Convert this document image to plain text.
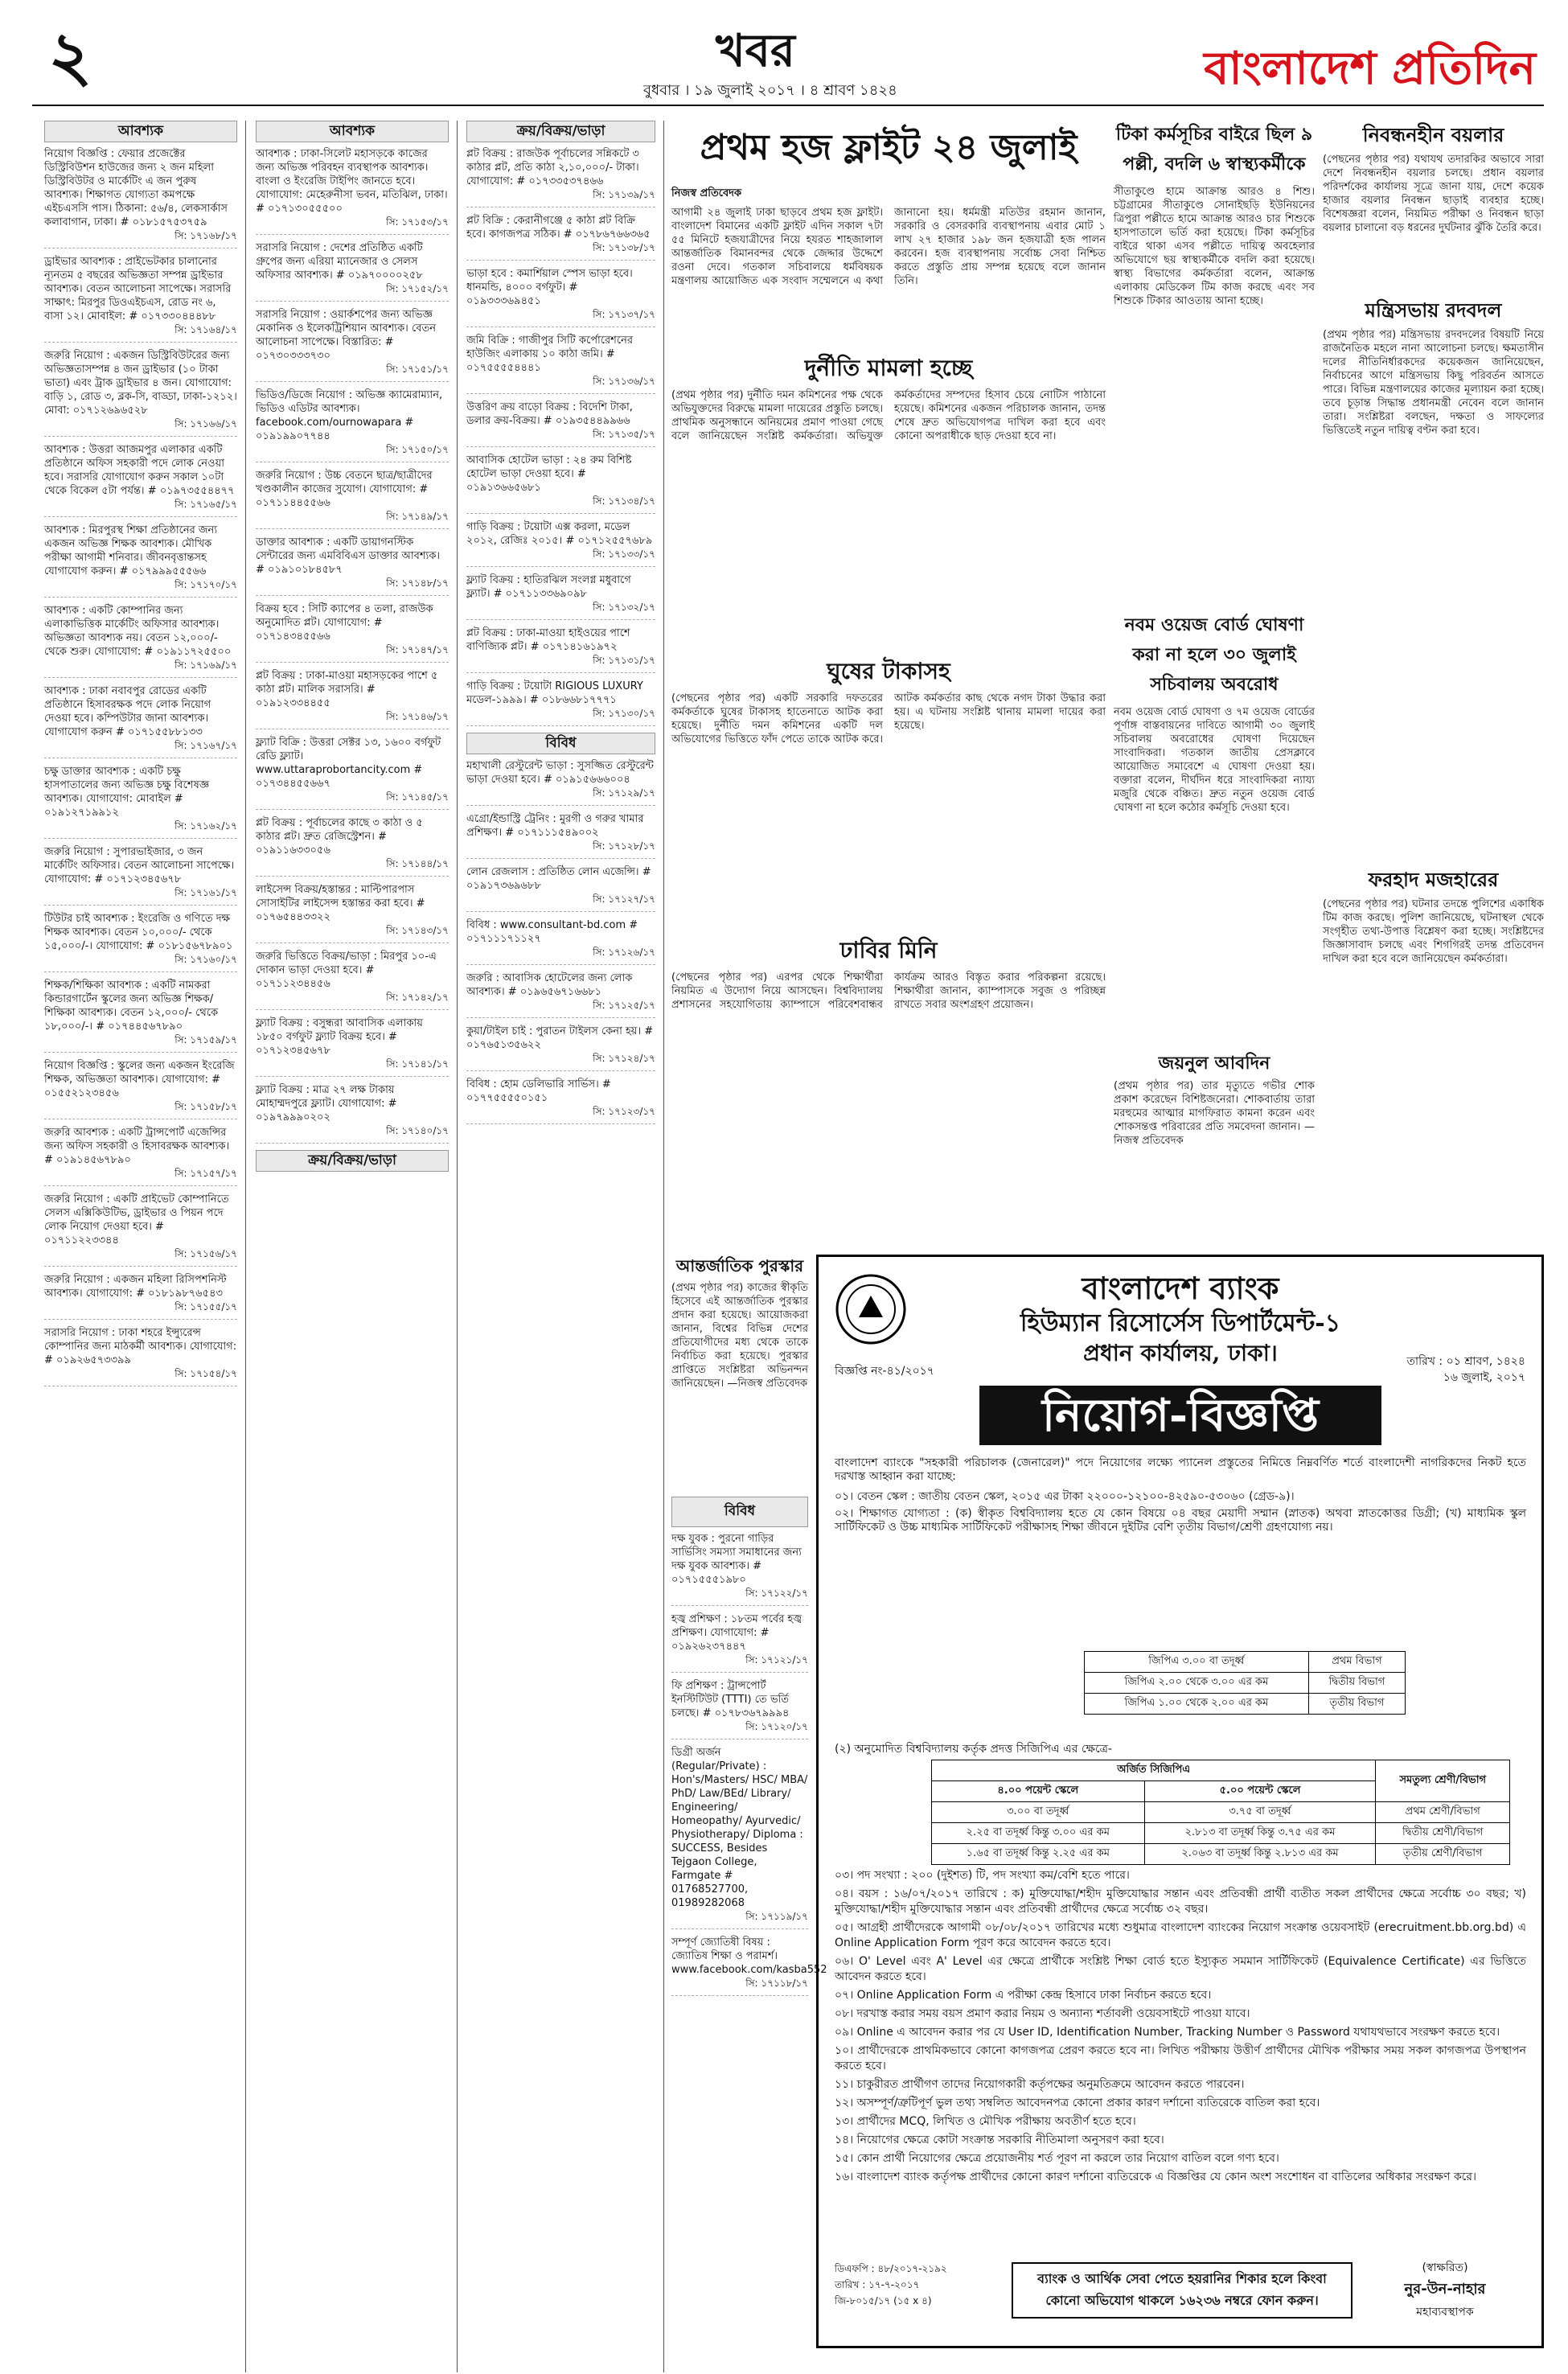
২	খবর
বুধবার । ১৯ জুলাই ২০১৭ । ৪ শ্রাবণ ১৪২৪	বাংলাদেশ প্রতিদিন
আবশ্যক
নিয়োগ বিজ্ঞপ্তি : ফেয়ার প্রজেক্টের ডিস্ট্রিবিউশন হাউজের জন্য ২ জন মহিলা ডিস্ট্রিবিউটর ও মার্কেটিং এ জন পুরুষ আবশ্যক। শিক্ষাগত যোগ্যতা কমপক্ষে এইচএসসি পাস। ঠিকানা: ৫৬/৪, লেকসার্কাস কলাবাগান, ঢাকা। # ০১৮১৫৭৫৩৭৫৯
সি: ১৭১৬৮/১৭
ড্রাইভার আবশ্যক : প্রাইভেটকার চালানোর ন্যূনতম ৫ বছরের অভিজ্ঞতা সম্পন্ন ড্রাইভার আবশ্যক। বেতন আলোচনা সাপেক্ষে। সরাসরি সাক্ষাৎ: মিরপুর ডিওএইচএস, রোড নং ৬, বাসা ১২। মোবাইল: # ০১৭৩৩০৪৪৪৮৮
সি: ১৭১৬৪/১৭
জরুরি নিয়োগ : একজন ডিস্ট্রিবিউটরের জন্য অভিজ্ঞতাসম্পন্ন ৪ জন ড্রাইভার (১০ টাকা ভাতা) এবং ট্রাক ড্রাইভার ৪ জন। যোগাযোগ: বাড়ি ১, রোড ৩, ব্লক-সি, বাড্ডা, ঢাকা-১২১২। মোবা: ০১৭১২৬৯৬৫২৮
সি: ১৭১৬৬/১৭
আবশ্যক : উত্তরা আজমপুর এলাকার একটি প্রতিষ্ঠানে অফিস সহকারী পদে লোক নেওয়া হবে। সরাসরি যোগাযোগ করুন সকাল ১০টা থেকে বিকেল ৫টা পর্যন্ত। # ০১৯৭৩৫৫৪৪৭৭
সি: ১৭১৬৫/১৭
আবশ্যক : মিরপুরস্থ শিক্ষা প্রতিষ্ঠানের জন্য একজন অভিজ্ঞ শিক্ষক আবশ্যক। মৌখিক পরীক্ষা আগামী শনিবার। জীবনবৃত্তান্তসহ যোগাযোগ করুন। # ০১৭৯৯৯৫৫৫৬৬
সি: ১৭১৭০/১৭
আবশ্যক : একটি কোম্পানির জন্য এলাকাভিত্তিক মার্কেটিং অফিসার আবশ্যক। অভিজ্ঞতা আবশ্যক নয়। বেতন ১২,০০০/- থেকে শুরু। যোগাযোগ: # ০১৯১১৭২৫৫০০
সি: ১৭১৬৯/১৭
আবশ্যক : ঢাকা নবাবপুর রোডের একটি প্রতিষ্ঠানে হিসাবরক্ষক পদে লোক নিয়োগ দেওয়া হবে। কম্পিউটার জানা আবশ্যক। যোগাযোগ করুন # ০১৭১৫৫৮৮১৩৩
সি: ১৭১৬৭/১৭
চক্ষু ডাক্তার আবশ্যক : একটি চক্ষু হাসপাতালের জন্য অভিজ্ঞ চক্ষু বিশেষজ্ঞ আবশ্যক। যোগাযোগ: মোবাইল # ০১৯১২৭১৯৯১২
সি: ১৭১৬২/১৭
জরুরি নিয়োগ : সুপারভাইজার, ৩ জন মার্কেটিং অফিসার। বেতন আলোচনা সাপেক্ষে। যোগাযোগ: # ০১৭১২৩৪৫৬৭৮
সি: ১৭১৬১/১৭
টিউটর চাই আবশ্যক : ইংরেজি ও গণিতে দক্ষ শিক্ষক আবশ্যক। বেতন ১০,০০০/- থেকে ১৫,০০০/-। যোগাযোগ: # ০১৮১৫৬৭৮৯০১
সি: ১৭১৬০/১৭
শিক্ষক/শিক্ষিকা আবশ্যক : একটি নামকরা কিন্ডারগার্টেন স্কুলের জন্য অভিজ্ঞ শিক্ষক/শিক্ষিকা আবশ্যক। বেতন ১২,০০০/- থেকে ১৮,০০০/-। # ০১৭৪৪৫৬৭৮৯০
সি: ১৭১৫৯/১৭
নিয়োগ বিজ্ঞপ্তি : স্কুলের জন্য একজন ইংরেজি শিক্ষক, অভিজ্ঞতা আবশ্যক। যোগাযোগ: # ০১৫৫২১২৩৪৫৬
সি: ১৭১৫৮/১৭
জরুরি আবশ্যক : একটি ট্রান্সপোর্ট এজেন্সির জন্য অফিস সহকারী ও হিসাবরক্ষক আবশ্যক। # ০১৯১৪৫৬৭৮৯০
সি: ১৭১৫৭/১৭
জরুরি নিয়োগ : একটি প্রাইভেট কোম্পানিতে সেলস এক্সিকিউটিভ, ড্রাইভার ও পিয়ন পদে লোক নিয়োগ দেওয়া হবে। # ০১৭১১২২৩৩৪৪
সি: ১৭১৫৬/১৭
জরুরি নিয়োগ : একজন মহিলা রিসিপশনিস্ট আবশ্যক। যোগাযোগ: # ০১৮১৯৮৭৬৫৪৩
সি: ১৭১৫৫/১৭
সরাসরি নিয়োগ : ঢাকা শহরে ইন্স্যুরেন্স কোম্পানির জন্য মাঠকর্মী আবশ্যক। যোগাযোগ: # ০১৯২৬৫৭৩৩৯৯
সি: ১৭১৫৪/১৭
আবশ্যক
আবশ্যক : ঢাকা-সিলেট মহাসড়কে কাজের জন্য অভিজ্ঞ পরিবহন ব্যবস্থাপক আবশ্যক। বাংলা ও ইংরেজি টাইপিং জানতে হবে। যোগাযোগ: মেহেরুনীসা ভবন, মতিঝিল, ঢাকা। # ০১৭১৩০৫৫৫০০
সি: ১৭১৫৩/১৭
সরাসরি নিয়োগ : দেশের প্রতিষ্ঠিত একটি গ্রুপের জন্য এরিয়া ম্যানেজার ও সেলস অফিসার আবশ্যক। # ০১৯৭০০০০২৫৮
সি: ১৭১৫২/১৭
সরাসরি নিয়োগ : ওয়ার্কশপের জন্য অভিজ্ঞ মেকানিক ও ইলেকট্রিশিয়ান আবশ্যক। বেতন আলোচনা সাপেক্ষে। বিস্তারিত: # ০১৭৩০৩৩৩৭৩০
সি: ১৭১৫১/১৭
ভিডিও/ডিজে নিয়োগ : অভিজ্ঞ ক্যামেরাম্যান, ভিডিও এডিটর আবশ্যক। facebook.com/ournowapara # ০১৯১৯৯০৭৭৪৪
সি: ১৭১৫০/১৭
জরুরি নিয়োগ : উচ্চ বেতনে ছাত্র/ছাত্রীদের খণ্ডকালীন কাজের সুযোগ। যোগাযোগ: # ০১৭১১৪৪৫৫৬৬
সি: ১৭১৪৯/১৭
ডাক্তার আবশ্যক : একটি ডায়াগনস্টিক সেন্টারের জন্য এমবিবিএস ডাক্তার আবশ্যক। # ০১৯১০১৮৪৫৮৭
সি: ১৭১৪৮/১৭
বিক্রয় হবে : সিটি ক্যাপের ৪ তলা, রাজউক অনুমোদিত প্লট। যোগাযোগ: # ০১৭১৪৩৪৫৫৬৬
সি: ১৭১৪৭/১৭
প্লট বিক্রয় : ঢাকা-মাওয়া মহাসড়কের পাশে ৫ কাঠা প্লট। মালিক সরাসরি। # ০১৯১২৩৩৪৪৫৫
সি: ১৭১৪৬/১৭
ফ্ল্যাট বিক্রি : উত্তরা সেক্টর ১৩, ১৬০০ বর্গফুট রেডি ফ্ল্যাট। www.uttaraprobortancity.com # ০১৭৩৪৪৫৫৬৬৭
সি: ১৭১৪৫/১৭
প্লট বিক্রয় : পূর্বাচলের কাছে ৩ কাঠা ও ৫ কাঠার প্লট। দ্রুত রেজিস্ট্রেশন। # ০১৯১১৬৩৩০৫৬
সি: ১৭১৪৪/১৭
লাইসেন্স বিক্রয়/হস্তান্তর : মাল্টিপারপাস সোসাইটির লাইসেন্স হস্তান্তর করা হবে। # ০১৭৬৫৪৪৩৩২২
সি: ১৭১৪৩/১৭
জরুরি ভিত্তিতে বিক্রয়/ভাড়া : মিরপুর ১০-এ দোকান ভাড়া দেওয়া হবে। # ০১৭১১২৩৪৪৫৬
সি: ১৭১৪২/১৭
ফ্ল্যাট বিক্রয় : বসুন্ধরা আবাসিক এলাকায় ১৮৫০ বর্গফুট ফ্ল্যাট বিক্রয় হবে। # ০১৭১২৩৪৫৬৭৮
সি: ১৭১৪১/১৭
ফ্ল্যাট বিক্রয় : মাত্র ২৭ লক্ষ টাকায় মোহাম্মদপুরে ফ্ল্যাট। যোগাযোগ: # ০১৯৭৯৯৯০২০২
সি: ১৭১৪০/১৭
ক্রয়/বিক্রয়/ভাড়া
ক্রয়/বিক্রয়/ভাড়া
প্লট বিক্রয় : রাজউক পূর্বাচলের সন্নিকটে ৩ কাঠার প্লট, প্রতি কাঠা ২,১০,০০০/- টাকা। যোগাযোগ: # ০১৭৩৩৫৩৭৪৬৬
সি: ১৭১৩৯/১৭
প্লট বিক্রি : কেরানীগঞ্জে ৫ কাঠা প্লট বিক্রি হবে। কাগজপত্র সঠিক। # ০১৭৮৬৭৬৬৩৬৫
সি: ১৭১৩৮/১৭
ভাড়া হবে : কমার্শিয়াল স্পেস ভাড়া হবে। ধানমন্ডি, ৪০০০ বর্গফুট। # ০১৯৩৩৩৬৯৪৫১
সি: ১৭১৩৭/১৭
জমি বিক্রি : গাজীপুর সিটি কর্পোরেশনের হাউজিং এলাকায় ১০ কাঠা জমি। # ০১৭৫৫৫৫৪৪৪১
সি: ১৭১৩৬/১৭
উত্তরিণ ক্রয় বাড়ো বিক্রয় : বিদেশি টাকা, ডলার ক্রয়-বিক্রয়। # ০১৯৩৫৪৪৯৯৬৬
সি: ১৭১৩৫/১৭
আবাসিক হোটেল ভাড়া : ২৪ রুম বিশিষ্ট হোটেল ভাড়া দেওয়া হবে। # ০১৯১৩৬৬৫৬৮১
সি: ১৭১৩৪/১৭
গাড়ি বিক্রয় : টয়োটা এক্স করলা, মডেল ২০১২, রেজিঃ ২০১৫। # ০১৭১২৫৫৭৬৮৯
সি: ১৭১৩৩/১৭
ফ্ল্যাট বিক্রয় : হাতিরঝিল সংলগ্ন মধুবাগে ফ্ল্যাট। # ০১৭১১৩৩৬৯০৯৮
সি: ১৭১৩২/১৭
প্লট বিক্রয় : ঢাকা-মাওয়া হাইওয়ের পাশে বাণিজ্যিক প্লট। # ০১৭১৪১৬১৯৭২
সি: ১৭১৩১/১৭
গাড়ি বিক্রয় : টয়োটা RIGIOUS LUXURY মডেল-১৯৯৯। # ০১৮৬৬৮১৭৭৭১
সি: ১৭১৩০/১৭
বিবিধ
মহাখালী রেস্টুরেন্ট ভাড়া : সুসজ্জিত রেস্টুরেন্ট ভাড়া দেওয়া হবে। # ০১৯১৫৬৬৬০০৪
সি: ১৭১২৯/১৭
এগ্রো/ইন্ডাস্ট্রি ট্রেনিং : মুরগী ও গরুর খামার প্রশিক্ষণ। # ০১৭১১১৫৪৯০০২
সি: ১৭১২৮/১৭
লোন রেজলাস : প্রতিষ্ঠিত লোন এজেন্সি। # ০১৯১৭৩৬৯৬৮৮
সি: ১৭১২৭/১৭
বিবিধ : www.consultant-bd.com # ০১৭১১১৭১১২৭
সি: ১৭১২৬/১৭
জরুরি : আবাসিক হোটেলের জন্য লোক আবশ্যক। # ০১৯৬৫৬৭১৬৬৮১
সি: ১৭১২৫/১৭
কুয়া/টাইল চাই : পুরাতন টাইলস কেনা হয়। # ০১৭৬৫১৩৫৬২২
সি: ১৭১২৪/১৭
বিবিধ : হোম ডেলিভারি সার্ভিস। # ০১৭৭৫৫৫৫০১৫১
সি: ১৭১২৩/১৭
প্রথম হজ ফ্লাইট ২৪ জুলাই
নিজস্ব প্রতিবেদক
আগামী ২৪ জুলাই ঢাকা ছাড়বে প্রথম হজ ফ্লাইট। বাংলাদেশ বিমানের একটি ফ্লাইট এদিন সকাল ৭টা ৫৫ মিনিটে হজযাত্রীদের নিয়ে হযরত শাহজালাল আন্তর্জাতিক বিমানবন্দর থেকে জেদ্দার উদ্দেশে রওনা দেবে। গতকাল সচিবালয়ে ধর্মবিষয়ক মন্ত্রণালয় আয়োজিত এক সংবাদ সম্মেলনে এ কথা জানানো হয়। ধর্মমন্ত্রী মতিউর রহমান জানান, সরকারি ও বেসরকারি ব্যবস্থাপনায় এবার মোট ১ লাখ ২৭ হাজার ১৯৮ জন হজযাত্রী হজ পালন করবেন। হজ ব্যবস্থাপনায় সর্বোচ্চ সেবা নিশ্চিত করতে প্রস্তুতি প্রায় সম্পন্ন হয়েছে বলে জানান তিনি।
দুর্নীতি মামলা হচ্ছে
(প্রথম পৃষ্ঠার পর) দুর্নীতি দমন কমিশনের পক্ষ থেকে অভিযুক্তদের বিরুদ্ধে মামলা দায়েরের প্রস্তুতি চলছে। প্রাথমিক অনুসন্ধানে অনিয়মের প্রমাণ পাওয়া গেছে বলে জানিয়েছেন সংশ্লিষ্ট কর্মকর্তারা। অভিযুক্ত কর্মকর্তাদের সম্পদের হিসাব চেয়ে নোটিস পাঠানো হয়েছে। কমিশনের একজন পরিচালক জানান, তদন্ত শেষে দ্রুত অভিযোগপত্র দাখিল করা হবে এবং কোনো অপরাধীকে ছাড় দেওয়া হবে না।
ঘুষের টাকাসহ
(পেছনের পৃষ্ঠার পর) একটি সরকারি দফতরের কর্মকর্তাকে ঘুষের টাকাসহ হাতেনাতে আটক করা হয়েছে। দুর্নীতি দমন কমিশনের একটি দল অভিযোগের ভিত্তিতে ফাঁদ পেতে তাকে আটক করে। আটক কর্মকর্তার কাছ থেকে নগদ টাকা উদ্ধার করা হয়। এ ঘটনায় সংশ্লিষ্ট থানায় মামলা দায়ের করা হয়েছে।
ঢাবির মিনি
(পেছনের পৃষ্ঠার পর) এরপর থেকে শিক্ষার্থীরা নিয়মিত এ উদ্যোগ নিয়ে আসছেন। বিশ্ববিদ্যালয় প্রশাসনের সহযোগিতায় ক্যাম্পাসে পরিবেশবান্ধব কার্যক্রম আরও বিস্তৃত করার পরিকল্পনা রয়েছে। শিক্ষার্থীরা জানান, ক্যাম্পাসকে সবুজ ও পরিচ্ছন্ন রাখতে সবার অংশগ্রহণ প্রয়োজন।
আন্তর্জাতিক পুরস্কার
(প্রথম পৃষ্ঠার পর) কাজের স্বীকৃতি হিসেবে এই আন্তর্জাতিক পুরস্কার প্রদান করা হয়েছে। আয়োজকরা জানান, বিশ্বের বিভিন্ন দেশের প্রতিযোগীদের মধ্য থেকে তাকে নির্বাচিত করা হয়েছে। পুরস্কার প্রাপ্তিতে সংশ্লিষ্টরা অভিনন্দন জানিয়েছেন। —নিজস্ব প্রতিবেদক
বিবিধ
দক্ষ যুবক : পুরনো গাড়ির সার্ভিসিং সমস্যা সমাধানের জন্য দক্ষ যুবক আবশ্যক। # ০১৭১৫৫৫১৯৮০
সি: ১৭১২২/১৭
হজ্ব প্রশিক্ষণ : ১৮তম পর্বের হজ্ব প্রশিক্ষণ। যোগাযোগ: # ০১৯২৬২৩৭৪৪৭
সি: ১৭১২১/১৭
ফি প্রশিক্ষণ : ট্রান্সপোর্ট ইনস্টিটিউট (TTTI) তে ভর্তি চলছে। # ০১৭৮৩৬৭৯৯৯৪
সি: ১৭১২০/১৭
ডিগ্রী অর্জন (Regular/Private) : Hon's/Masters/ HSC/ MBA/ PhD/ Law/BEd/ Library/ Engineering/ Homeopathy/ Ayurvedic/ Physiotherapy/ Diploma : SUCCESS, Besides Tejgaon College, Farmgate # 01768527700, 01989282068
সি: ১৭১১৯/১৭
সম্পূর্ণ জ্যোতিষী বিষয় : জ্যোতিষ শিক্ষা ও পরামর্শ। www.facebook.com/kasba552
সি: ১৭১১৮/১৭
টিকা কর্মসূচির বাইরে ছিল ৯ পল্লী, বদলি ৬ স্বাস্থ্যকর্মীকে
সীতাকুণ্ডে হামে আক্রান্ত আরও ৪ শিশু। চট্টগ্রামের সীতাকুণ্ডে সোনাইছড়ি ইউনিয়নের ত্রিপুরা পল্লীতে হামে আক্রান্ত আরও চার শিশুকে হাসপাতালে ভর্তি করা হয়েছে। টিকা কর্মসূচির বাইরে থাকা এসব পল্লীতে দায়িত্ব অবহেলার অভিযোগে ছয় স্বাস্থ্যকর্মীকে বদলি করা হয়েছে। স্বাস্থ্য বিভাগের কর্মকর্তারা বলেন, আক্রান্ত এলাকায় মেডিকেল টিম কাজ করছে এবং সব শিশুকে টিকার আওতায় আনা হচ্ছে।
নবম ওয়েজ বোর্ড ঘোষণা করা না হলে ৩০ জুলাই সচিবালয় অবরোধ
নবম ওয়েজ বোর্ড ঘোষণা ও ৭ম ওয়েজ বোর্ডের পূর্ণাঙ্গ বাস্তবায়নের দাবিতে আগামী ৩০ জুলাই সচিবালয় অবরোধের ঘোষণা দিয়েছেন সাংবাদিকরা। গতকাল জাতীয় প্রেসক্লাবে আয়োজিত সমাবেশে এ ঘোষণা দেওয়া হয়। বক্তারা বলেন, দীর্ঘদিন ধরে সাংবাদিকরা ন্যায্য মজুরি থেকে বঞ্চিত। দ্রুত নতুন ওয়েজ বোর্ড ঘোষণা না হলে কঠোর কর্মসূচি দেওয়া হবে।
জয়নুল আবদিন
(প্রথম পৃষ্ঠার পর) তার মৃত্যুতে গভীর শোক প্রকাশ করেছেন বিশিষ্টজনেরা। শোকবার্তায় তারা মরহুমের আত্মার মাগফিরাত কামনা করেন এবং শোকসন্তপ্ত পরিবারের প্রতি সমবেদনা জানান। —নিজস্ব প্রতিবেদক
নিবন্ধনহীন বয়লার
(পেছনের পৃষ্ঠার পর) যথাযথ তদারকির অভাবে সারা দেশে নিবন্ধনহীন বয়লার চলছে। প্রধান বয়লার পরিদর্শকের কার্যালয় সূত্রে জানা যায়, দেশে কয়েক হাজার বয়লার নিবন্ধন ছাড়াই ব্যবহার হচ্ছে। বিশেষজ্ঞরা বলেন, নিয়মিত পরীক্ষা ও নিবন্ধন ছাড়া বয়লার চালানো বড় ধরনের দুর্ঘটনার ঝুঁকি তৈরি করে।
মন্ত্রিসভায় রদবদল
(প্রথম পৃষ্ঠার পর) মন্ত্রিসভায় রদবদলের বিষয়টি নিয়ে রাজনৈতিক মহলে নানা আলোচনা চলছে। ক্ষমতাসীন দলের নীতিনির্ধারকদের কয়েকজন জানিয়েছেন, নির্বাচনের আগে মন্ত্রিসভায় কিছু পরিবর্তন আসতে পারে। বিভিন্ন মন্ত্রণালয়ের কাজের মূল্যায়ন করা হচ্ছে। তবে চূড়ান্ত সিদ্ধান্ত প্রধানমন্ত্রী নেবেন বলে জানান তারা। সংশ্লিষ্টরা বলছেন, দক্ষতা ও সাফল্যের ভিত্তিতেই নতুন দায়িত্ব বণ্টন করা হবে।
ফরহাদ মজহারের
(পেছনের পৃষ্ঠার পর) ঘটনার তদন্তে পুলিশের একাধিক টিম কাজ করছে। পুলিশ জানিয়েছে, ঘটনাস্থল থেকে সংগৃহীত তথ্য-উপাত্ত বিশ্লেষণ করা হচ্ছে। সংশ্লিষ্টদের জিজ্ঞাসাবাদ চলছে এবং শিগগিরই তদন্ত প্রতিবেদন দাখিল করা হবে বলে জানিয়েছেন কর্মকর্তারা।
বাংলাদেশ ব্যাংক
হিউম্যান রিসোর্সেস ডিপার্টমেন্ট-১
প্রধান কার্যালয়, ঢাকা।
বিজ্ঞপ্তি নং-৪১/২০১৭
তারিখ : ০১ শ্রাবণ, ১৪২৪
১৬ জুলাই, ২০১৭
নিয়োগ-বিজ্ঞপ্তি
বাংলাদেশ ব্যাংকে "সহকারী পরিচালক (জেনারেল)" পদে নিয়োগের লক্ষ্যে প্যানেল প্রস্তুতের নিমিত্তে নিম্নবর্ণিত শর্তে বাংলাদেশী নাগরিকদের নিকট হতে দরখাস্ত আহ্বান করা যাচ্ছে:
০১। বেতন স্কেল : জাতীয় বেতন স্কেল, ২০১৫ এর টাকা ২২০০০-১২১০০-৪২৫৯০-৫৩০৬০ (গ্রেড-৯)।
০২। শিক্ষাগত যোগ্যতা : (ক) স্বীকৃত বিশ্ববিদ্যালয় হতে যে কোন বিষয়ে ০৪ বছর মেয়াদী সম্মান (স্নাতক) অথবা স্নাতকোত্তর ডিগ্রী; (খ) মাধ্যমিক স্কুল সার্টিফিকেট ও উচ্চ মাধ্যমিক সার্টিফিকেট পরীক্ষাসহ শিক্ষা জীবনে দুইটির বেশি তৃতীয় বিভাগ/শ্রেণী গ্রহণযোগ্য নয়।
জিপিএ ৩.০০ বা তদূর্ধ্ব	প্রথম বিভাগ
জিপিএ ২.০০ থেকে ৩.০০ এর কম	দ্বিতীয় বিভাগ
জিপিএ ১.০০ থেকে ২.০০ এর কম	তৃতীয় বিভাগ
(২) অনুমোদিত বিশ্ববিদ্যালয় কর্তৃক প্রদত্ত সিজিপিএ এর ক্ষেত্রে-
অর্জিত সিজিপিএ		সমতুল্য শ্রেণী/বিভাগ
৪.০০ পয়েন্ট স্কেলে	৫.০০ পয়েন্ট স্কেলে	
৩.০০ বা তদূর্ধ্ব	৩.৭৫ বা তদূর্ধ্ব	প্রথম শ্রেণী/বিভাগ
২.২৫ বা তদূর্ধ্ব কিন্তু ৩.০০ এর কম	২.৮১৩ বা তদূর্ধ্ব কিন্তু ৩.৭৫ এর কম	দ্বিতীয় শ্রেণী/বিভাগ
১.৬৫ বা তদূর্ধ্ব কিন্তু ২.২৫ এর কম	২.০৬৩ বা তদূর্ধ্ব কিন্তু ২.৮১৩ এর কম	তৃতীয় শ্রেণী/বিভাগ
০৩। পদ সংখ্যা : ২০০ (দুইশত) টি, পদ সংখ্যা কম/বেশি হতে পারে।
০৪। বয়স : ১৬/০৭/২০১৭ তারিখে : ক) মুক্তিযোদ্ধা/শহীদ মুক্তিযোদ্ধার সন্তান এবং প্রতিবন্ধী প্রার্থী ব্যতীত সকল প্রার্থীদের ক্ষেত্রে সর্বোচ্চ ৩০ বছর; খ) মুক্তিযোদ্ধা/শহীদ মুক্তিযোদ্ধার সন্তান এবং প্রতিবন্ধী প্রার্থীদের ক্ষেত্রে সর্বোচ্চ ৩২ বছর।
০৫। আগ্রহী প্রার্থীদেরকে আগামী ০৮/০৮/২০১৭ তারিখের মধ্যে শুধুমাত্র বাংলাদেশ ব্যাংকের নিয়োগ সংক্রান্ত ওয়েবসাইট (erecruitment.bb.org.bd) এ Online Application Form পূরণ করে আবেদন করতে হবে।
০৬। O' Level এবং A' Level এর ক্ষেত্রে প্রার্থীকে সংশ্লিষ্ট শিক্ষা বোর্ড হতে ইস্যুকৃত সমমান সার্টিফিকেট (Equivalence Certificate) এর ভিত্তিতে আবেদন করতে হবে।
০৭। Online Application Form এ পরীক্ষা কেন্দ্র হিসাবে ঢাকা নির্বাচন করতে হবে।
০৮। দরখাস্ত করার সময় বয়স প্রমাণ করার নিয়ম ও অন্যান্য শর্তাবলী ওয়েবসাইটে পাওয়া যাবে।
০৯। Online এ আবেদন করার পর যে User ID, Identification Number, Tracking Number ও Password যথাযথভাবে সংরক্ষণ করতে হবে।
১০। প্রার্থীদেরকে প্রাথমিকভাবে কোনো কাগজপত্র প্রেরণ করতে হবে না। লিখিত পরীক্ষায় উত্তীর্ণ প্রার্থীদের মৌখিক পরীক্ষার সময় সকল কাগজপত্র উপস্থাপন করতে হবে।
১১। চাকুরীরত প্রার্থীগণ তাদের নিয়োগকারী কর্তৃপক্ষের অনুমতিক্রমে আবেদন করতে পারবেন।
১২। অসম্পূর্ণ/ত্রুটিপূর্ণ ভুল তথ্য সম্বলিত আবেদনপত্র কোনো প্রকার কারণ দর্শানো ব্যতিরেকে বাতিল করা হবে।
১৩। প্রার্থীদের MCQ, লিখিত ও মৌখিক পরীক্ষায় অবতীর্ণ হতে হবে।
১৪। নিয়োগের ক্ষেত্রে কোটা সংক্রান্ত সরকারি নীতিমালা অনুসরণ করা হবে।
১৫। কোন প্রার্থী নিয়োগের ক্ষেত্রে প্রয়োজনীয় শর্ত পূরণ না করলে তার নিয়োগ বাতিল বলে গণ্য হবে।
১৬। বাংলাদেশ ব্যাংক কর্তৃপক্ষ প্রার্থীদের কোনো কারণ দর্শানো ব্যতিরেকে এ বিজ্ঞপ্তির যে কোন অংশ সংশোধন বা বাতিলের অধিকার সংরক্ষণ করে।
ডিএফপি : ৪৮/২০১৭-২১৯২
তারিখ : ১৭-৭-২০১৭
জি-৮০১৫/১৭ (১৫ x ৪)
ব্যাংক ও আর্থিক সেবা পেতে হয়রানির শিকার হলে কিংবা
কোনো অভিযোগ থাকলে ১৬২৩৬ নম্বরে ফোন করুন।
(স্বাক্ষরিত)
নুর-উন-নাহার
মহাব্যবস্থাপক
